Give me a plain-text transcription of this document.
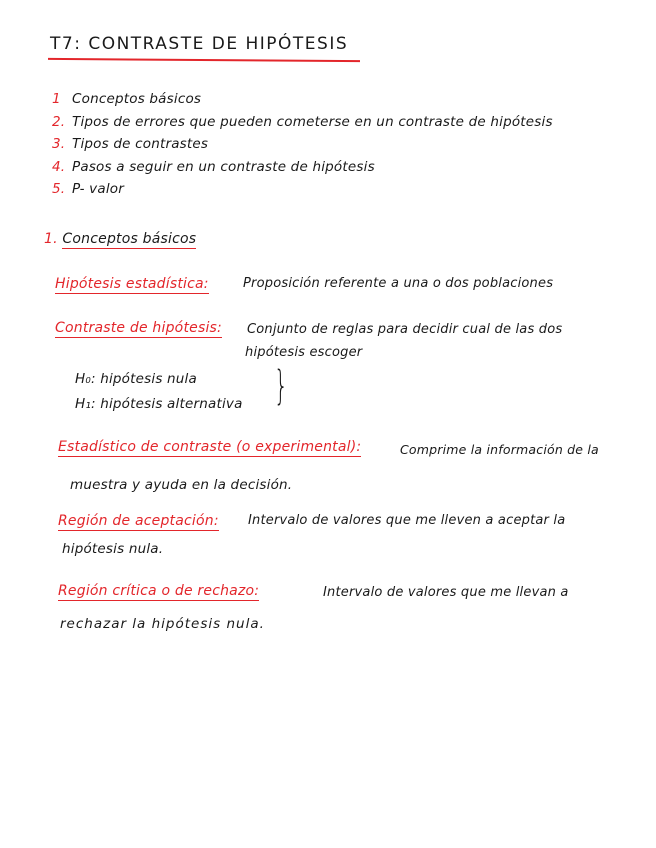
T7: CONTRASTE DE HIPÓTESIS
1 Conceptos básicos
2. Tipos de errores que pueden cometerse en un contraste de hipótesis
3. Tipos de contrastes
4. Pasos a seguir en un contraste de hipótesis
5. P- valor
1. Conceptos básicos
Hipótesis estadística:	Proposición referente a una o dos poblaciones
Contraste de hipótesis: Conjunto de reglas para decidir cual de las dos
hipótesis escoger
H₀: hipótesis nula
H₁: hipótesis alternativa }
Estadístico de contraste (o experimental):	Comprime la información de la
muestra y ayuda en la decisión.
Región de aceptación: Intervalo de valores que me lleven a aceptar la
hipótesis nula.
Región crítica o de rechazo:	Intervalo de valores que me llevan a
rechazar la hipótesis nula.
